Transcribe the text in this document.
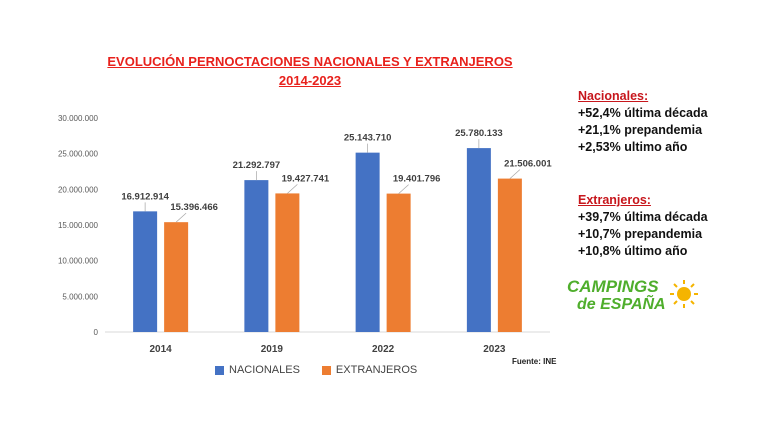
EVOLUCIÓN PERNOCTACIONES NACIONALES Y EXTRANJEROS
2014-2023
0
5.000.000
10.000.000
15.000.000
20.000.000
25.000.000
30.000.000
2014
16.912.914
15.396.466
2019
21.292.797
19.427.741
2022
25.143.710
19.401.796
2023
25.780.133
21.506.001
NACIONALES	EXTRANJEROS
Fuente: INE
Nacionales:
+52,4% última década
+21,1% prepandemia
+2,53% ultimo año
Extranjeros:
+39,7% última década
+10,7% prepandemia
+10,8% último año
CAMPINGS
de ESPAÑA
